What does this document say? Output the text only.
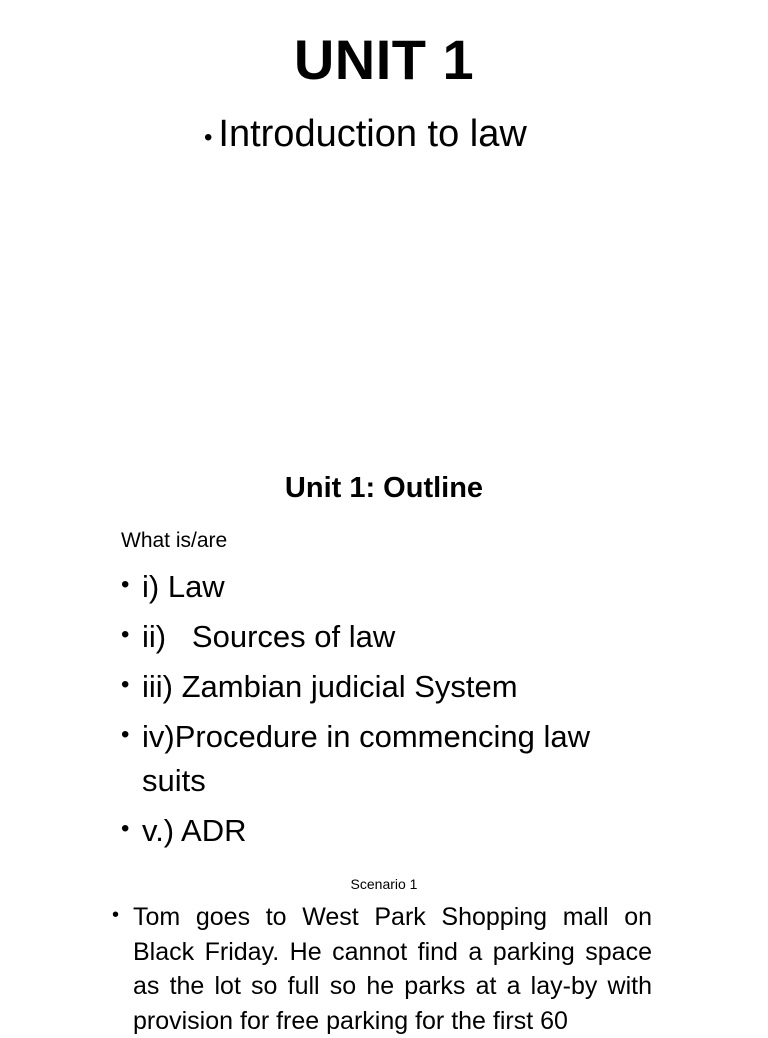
UNIT 1
• Introduction to law
Unit 1: Outline
What is/are
• i) Law
• ii)   Sources of law
• iii) Zambian judicial System
• iv)Procedure in commencing law suits
• v.) ADR
Scenario 1
• Tom goes to West Park Shopping mall on Black Friday. He cannot find a parking space as the lot so full so he parks at a lay-by with provision for free parking for the first 60
